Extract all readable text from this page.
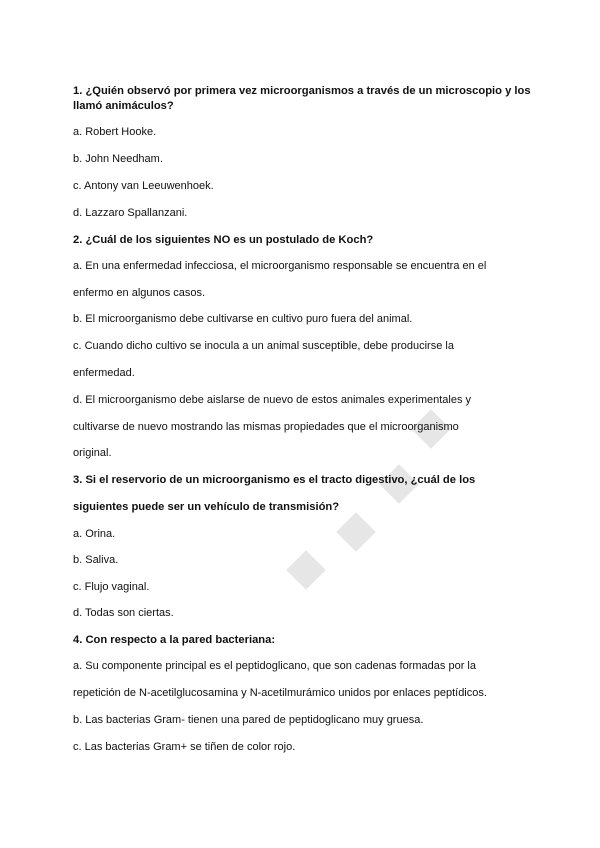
1. ¿Quién observó por primera vez microorganismos a través de un microscopio y los
llamó animáculos?
a. Robert Hooke.
b. John Needham.
c. Antony van Leeuwenhoek.
d. Lazzaro Spallanzani.
2. ¿Cuál de los siguientes NO es un postulado de Koch?
a. En una enfermedad infecciosa, el microorganismo responsable se encuentra en el
enfermo en algunos casos.
b. El microorganismo debe cultivarse en cultivo puro fuera del animal.
c. Cuando dicho cultivo se inocula a un animal susceptible, debe producirse la
enfermedad.
d. El microorganismo debe aislarse de nuevo de estos animales experimentales y
cultivarse de nuevo mostrando las mismas propiedades que el microorganismo
original.
3. Si el reservorio de un microorganismo es el tracto digestivo, ¿cuál de los
siguientes puede ser un vehículo de transmisión?
a. Orina.
b. Saliva.
c. Flujo vaginal.
d. Todas son ciertas.
4. Con respecto a la pared bacteriana:
a. Su componente principal es el peptidoglicano, que son cadenas formadas por la
repetición de N-acetilglucosamina y N-acetilmurámico unidos por enlaces peptídicos.
b. Las bacterias Gram- tienen una pared de peptidoglicano muy gruesa.
c. Las bacterias Gram+ se tiñen de color rojo.
